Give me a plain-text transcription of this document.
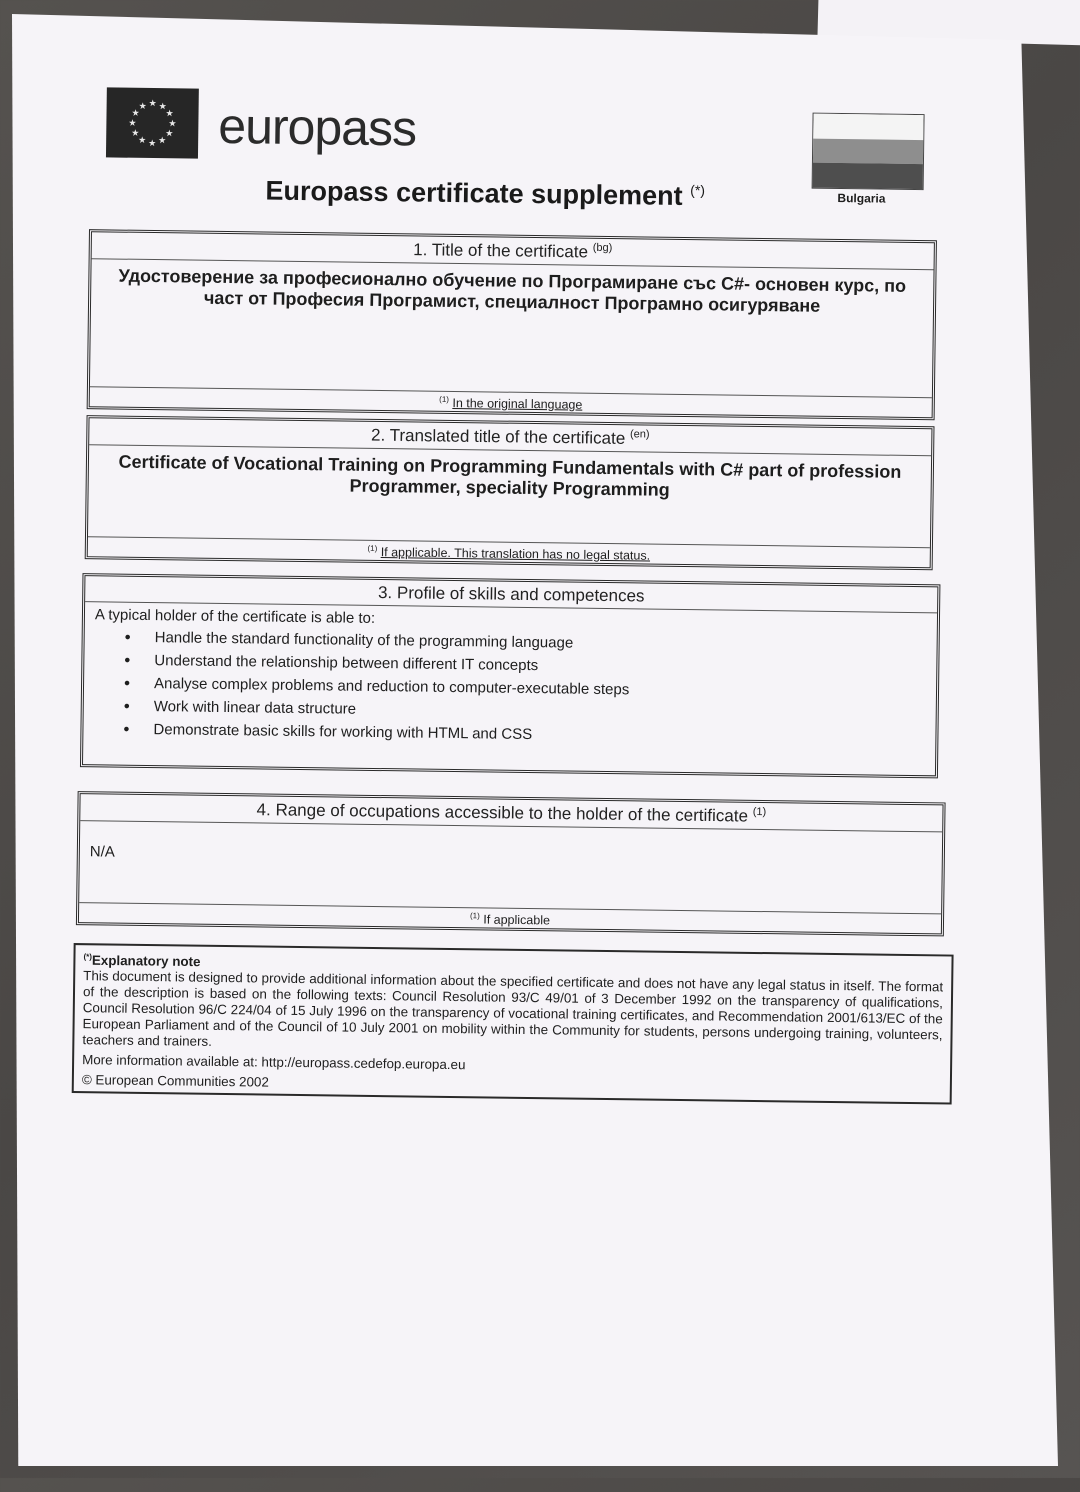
★ ★
★
★
★
★
★
★
★
★
★
★ europass
Europass certificate supplement (*)
Bulgaria
1. Title of the certificate $^{(bg)}$
Удостоверение за професионално обучение по Програмиране със C#- основен курс, по част от Професия Програмист, специалност Програмно осигуряване
$^{(1)}$ In the original language
2. Translated title of the certificate $^{(en)}$
Certificate of Vocational Training on Programming Fundamentals with C# part of profession Programmer, speciality Programming
$^{(1)}$ If applicable. This translation has no legal status.
3. Profile of skills and competences
A typical holder of the certificate is able to:
• Handle the standard functionality of the programming language
• Understand the relationship between different IT concepts
• Analyse complex problems and reduction to computer-executable steps
• Work with linear data structure
• Demonstrate basic skills for working with HTML and CSS
4. Range of occupations accessible to the holder of the certificate $^{(1)}$
N/A
$^{(1)}$ If applicable
(*)Explanatory note

This document is designed to provide additional information about the specified certificate and does not have any legal status in itself. The format of the description is based on the following texts: Council Resolution 93/C 49/01 of 3 December 1992 on the transparency of qualifications, Council Resolution 96/C 224/04 of 15 July 1996 on the transparency of vocational training certificates, and Recommendation 2001/613/EC of the European Parliament and of the Council of 10 July 2001 on mobility within the Community for students, persons undergoing training, volunteers, teachers and trainers.

More information available at: http://europass.cedefop.europa.eu
© European Communities 2002
